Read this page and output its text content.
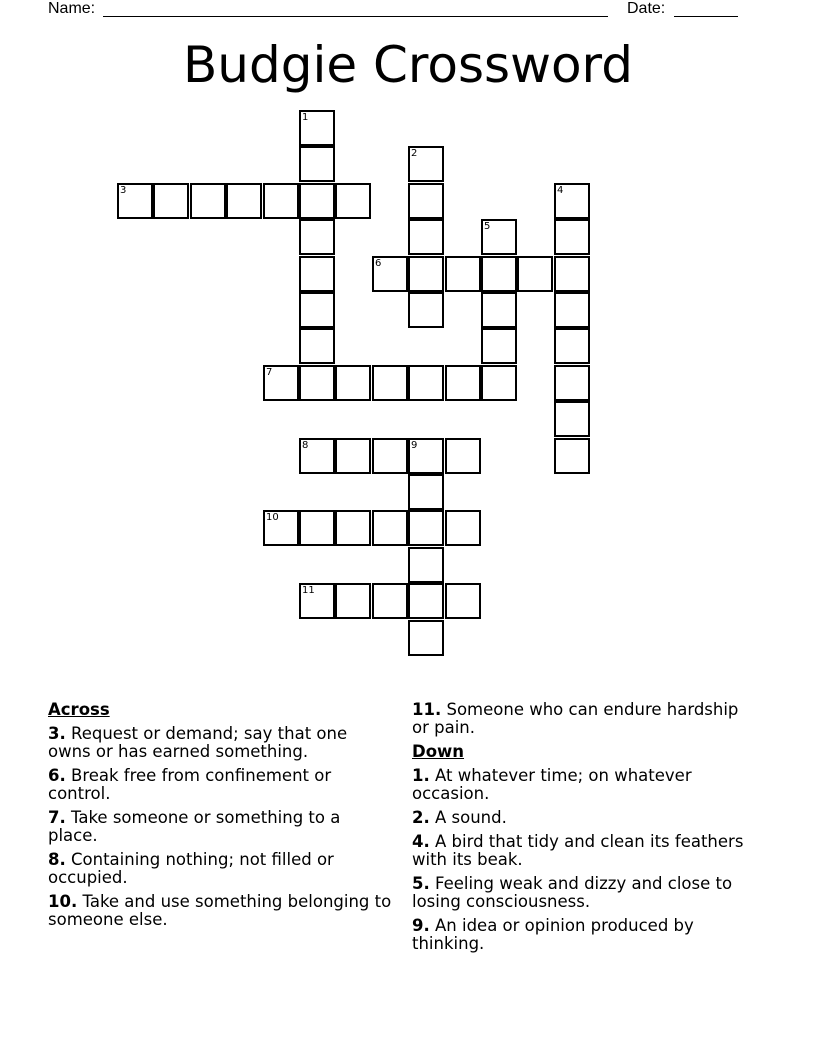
Name:	Date:
Budgie Crossword
1
2
3	4
5
6
7
8	9
10
11
Across
3. Request or demand; say that one owns or has earned something.
6. Break free from confinement or control.
7. Take someone or something to a place.
8. Containing nothing; not filled or occupied.
10. Take and use something belonging to someone else.
11. Someone who can endure hardship or pain.
Down
1. At whatever time; on whatever occasion.
2. A sound.
4. A bird that tidy and clean its feathers with its beak.
5. Feeling weak and dizzy and close to losing consciousness.
9. An idea or opinion produced by thinking.
